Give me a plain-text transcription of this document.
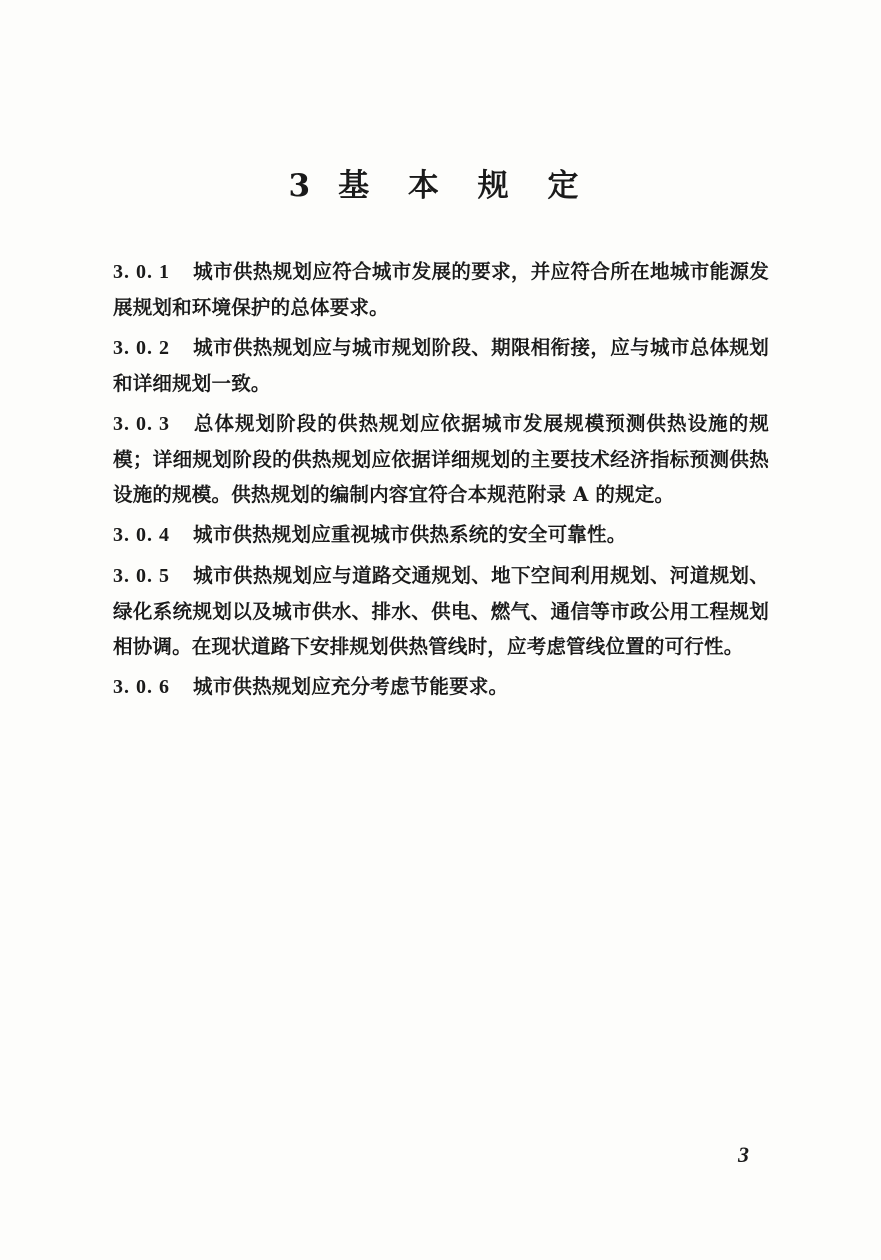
3 基 本 规 定

3. 0. 1 城市供热规划应符合城市发展的要求，并应符合所在地城市能源发展规划和环境保护的总体要求。

3. 0. 2 城市供热规划应与城市规划阶段、期限相衔接，应与城市总体规划和详细规划一致。

3. 0. 3 总体规划阶段的供热规划应依据城市发展规模预测供热设施的规模；详细规划阶段的供热规划应依据详细规划的主要技术经济指标预测供热设施的规模。供热规划的编制内容宜符合本规范附录 A 的规定。

3. 0. 4 城市供热规划应重视城市供热系统的安全可靠性。

3. 0. 5 城市供热规划应与道路交通规划、地下空间利用规划、河道规划、绿化系统规划以及城市供水、排水、供电、燃气、通信等市政公用工程规划相协调。在现状道路下安排规划供热管线时，应考虑管线位置的可行性。

3. 0. 6 城市供热规划应充分考虑节能要求。

3
